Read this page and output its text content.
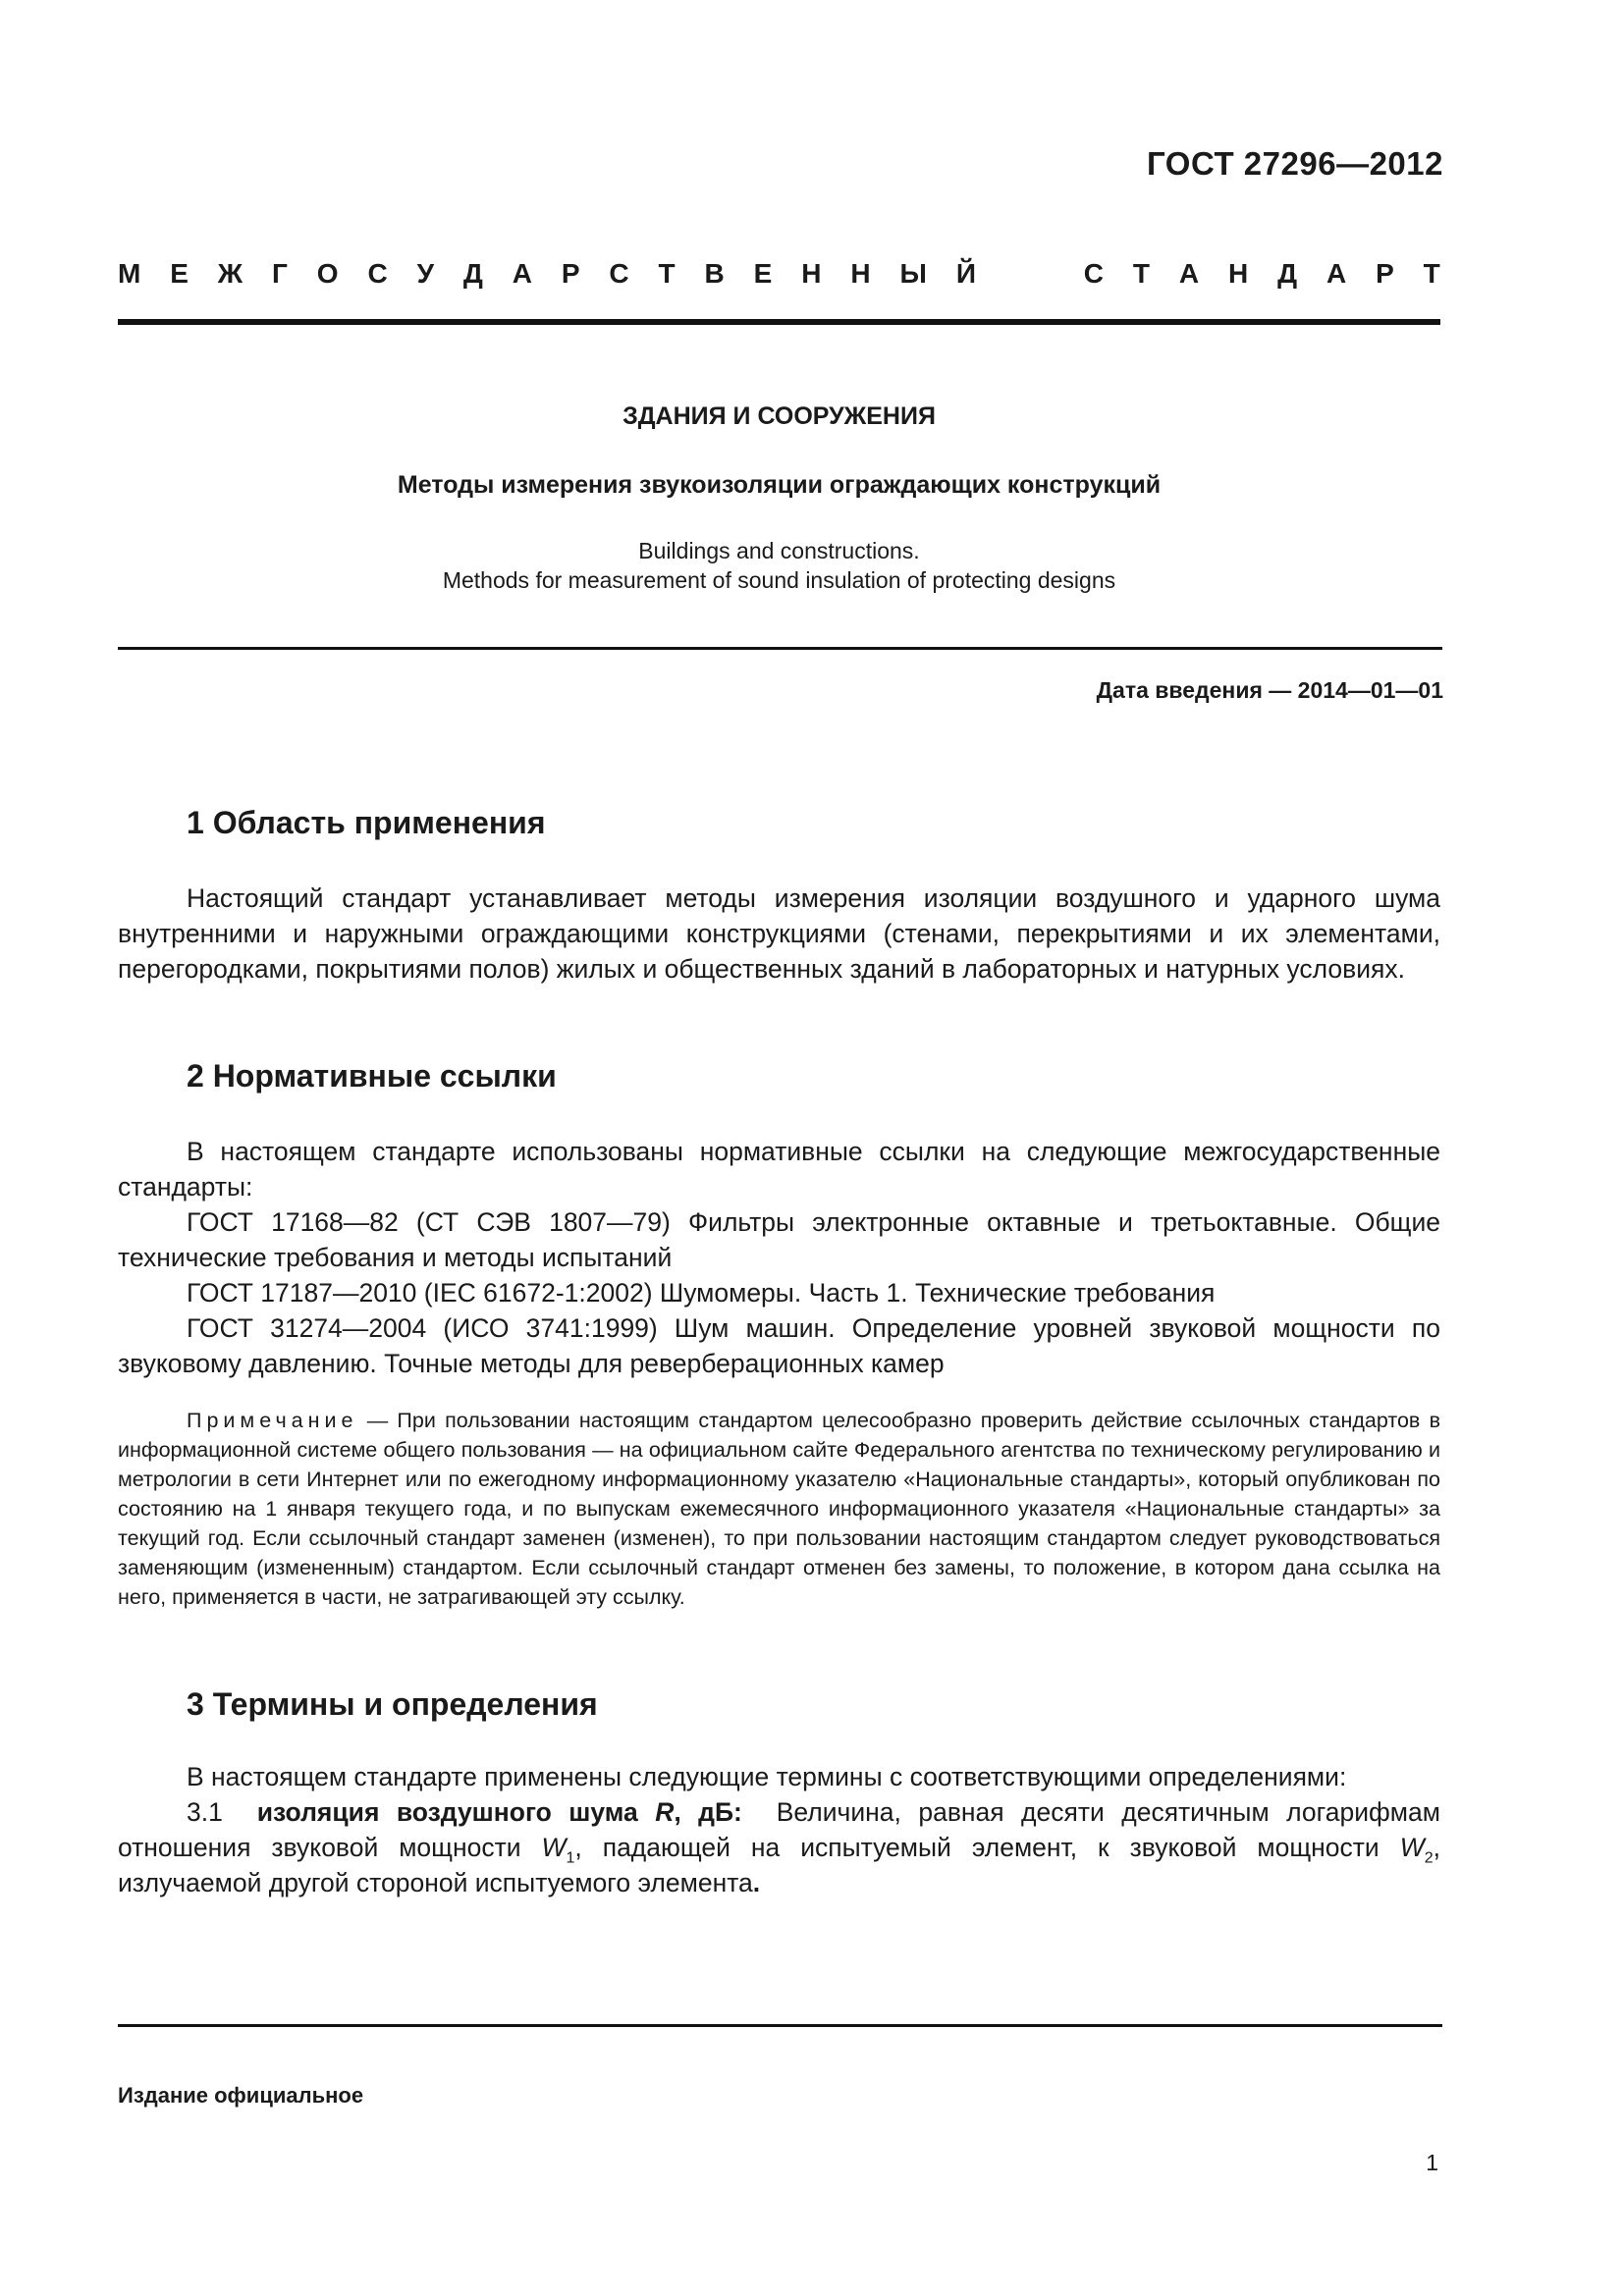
ГОСТ 27296—2012
М Е Ж Г О С У Д А Р С Т В Е Н Н Ы Й	С Т А Н Д А Р Т
ЗДАНИЯ И СООРУЖЕНИЯ
Методы измерения звукоизоляции ограждающих конструкций
Buildings and constructions.
Methods for measurement of sound insulation of protecting designs
Дата введения — 2014—01—01
1 Область применения

Настоящий стандарт устанавливает методы измерения изоляции воздушного и ударного шума внутренними и наружными ограждающими конструкциями (стенами, перекрытиями и их элементами, перегородками, покрытиями полов) жилых и общественных зданий в лабораторных и натурных условиях.

2 Нормативные ссылки

В настоящем стандарте использованы нормативные ссылки на следующие межгосударственные стандарты:

ГОСТ 17168—82 (СТ СЭВ 1807—79) Фильтры электронные октавные и третьоктавные. Общие технические требования и методы испытаний

ГОСТ 17187—2010 (IEC 61672-1:2002) Шумомеры. Часть 1. Технические требования

ГОСТ 31274—2004 (ИСО 3741:1999) Шум машин. Определение уровней звуковой мощности по звуковому давлению. Точные методы для реверберационных камер

Примечание — При пользовании настоящим стандартом целесообразно проверить действие ссылочных стандартов в информационной системе общего пользования — на официальном сайте Федерального агентства по техническому регулированию и метрологии в сети Интернет или по ежегодному информационному указателю «Национальные стандарты», который опубликован по состоянию на 1 января текущего года, и по выпускам ежемесячного информационного указателя «Национальные стандарты» за текущий год. Если ссылочный стандарт заменен (изменен), то при пользовании настоящим стандартом следует руководствоваться заменяющим (измененным) стандартом. Если ссылочный стандарт отменен без замены, то положение, в котором дана ссылка на него, применяется в части, не затрагивающей эту ссылку.

3 Термины и определения

В настоящем стандарте применены следующие термины с соответствующими определениями:

3.1 изоляция воздушного шума R, дБ: Величина, равная десяти десятичным логарифмам отношения звуковой мощности $W_1$, падающей на испытуемый элемент, к звуковой мощности $W_2$, излучаемой другой стороной испытуемого элемента.

Издание официальное
1
